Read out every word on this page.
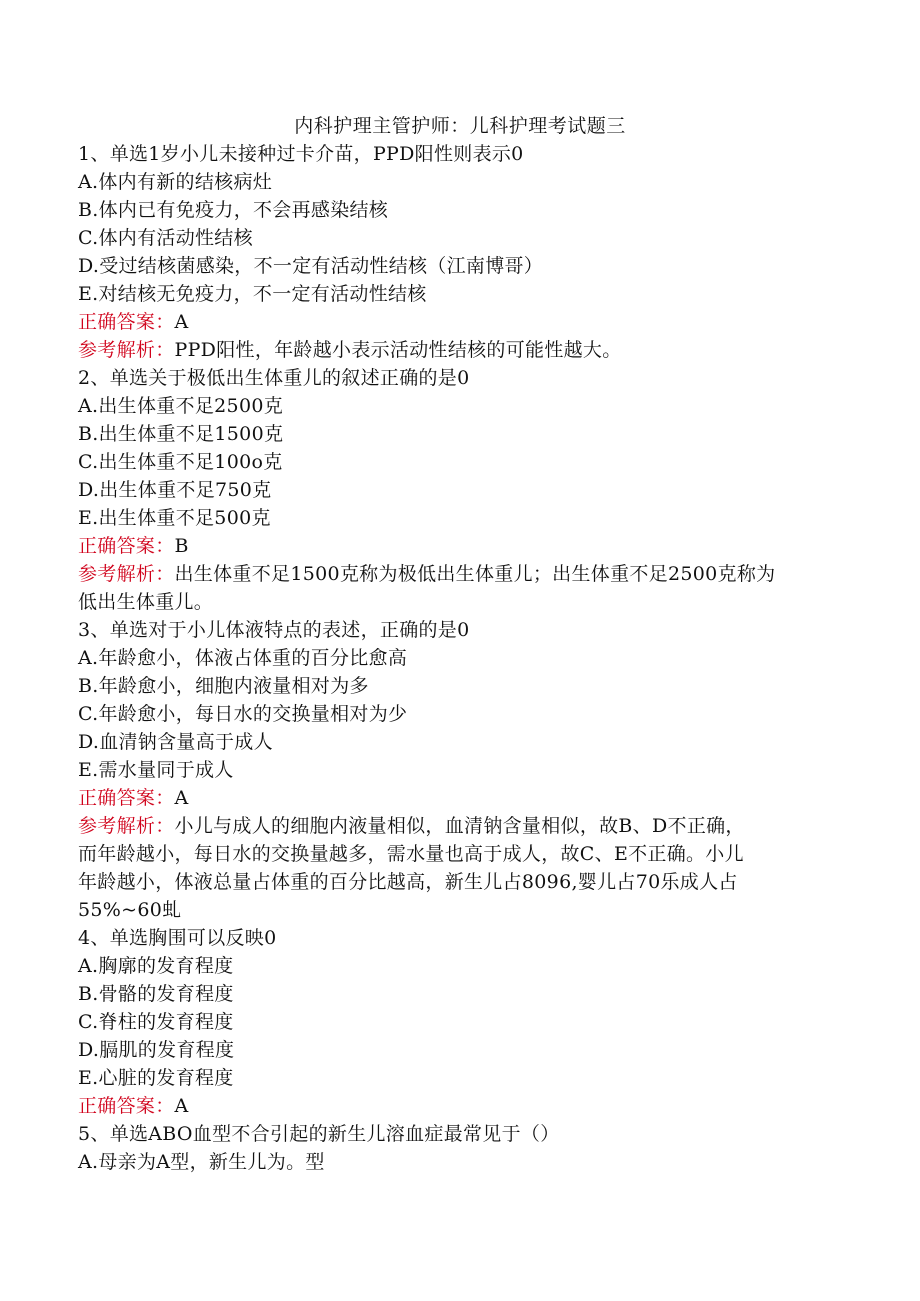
内科护理主管护师：儿科护理考试题三
1、单选1岁小儿未接种过卡介苗，PPD阳性则表示0
A.体内有新的结核病灶
B.体内已有免疫力，不会再感染结核
C.体内有活动性结核
D.受过结核菌感染，不一定有活动性结核（江南博哥）
E.对结核无免疫力，不一定有活动性结核
正确答案：A
参考解析：PPD阳性，年龄越小表示活动性结核的可能性越大。
2、单选关于极低出生体重儿的叙述正确的是0
A.出生体重不足2500克
B.出生体重不足1500克
C.出生体重不足100o克
D.出生体重不足750克
E.出生体重不足500克
正确答案：B
参考解析：出生体重不足1500克称为极低出生体重儿；出生体重不足2500克称为
低出生体重儿。
3、单选对于小儿体液特点的表述，正确的是0
A.年龄愈小，体液占体重的百分比愈高
B.年龄愈小，细胞内液量相对为多
C.年龄愈小，每日水的交换量相对为少
D.血清钠含量高于成人
E.需水量同于成人
正确答案：A
参考解析：小儿与成人的细胞内液量相似，血清钠含量相似，故B、D不正确，
而年龄越小，每日水的交换量越多，需水量也高于成人，故C、E不正确。小儿
年龄越小，体液总量占体重的百分比越高，新生儿占8096,婴儿占70乐成人占
55%~60虬
4、单选胸围可以反映0
A.胸廓的发育程度
B.骨骼的发育程度
C.脊柱的发育程度
D.膈肌的发育程度
E.心脏的发育程度
正确答案：A
5、单选ABO血型不合引起的新生儿溶血症最常见于（）
A.母亲为A型，新生儿为。型
